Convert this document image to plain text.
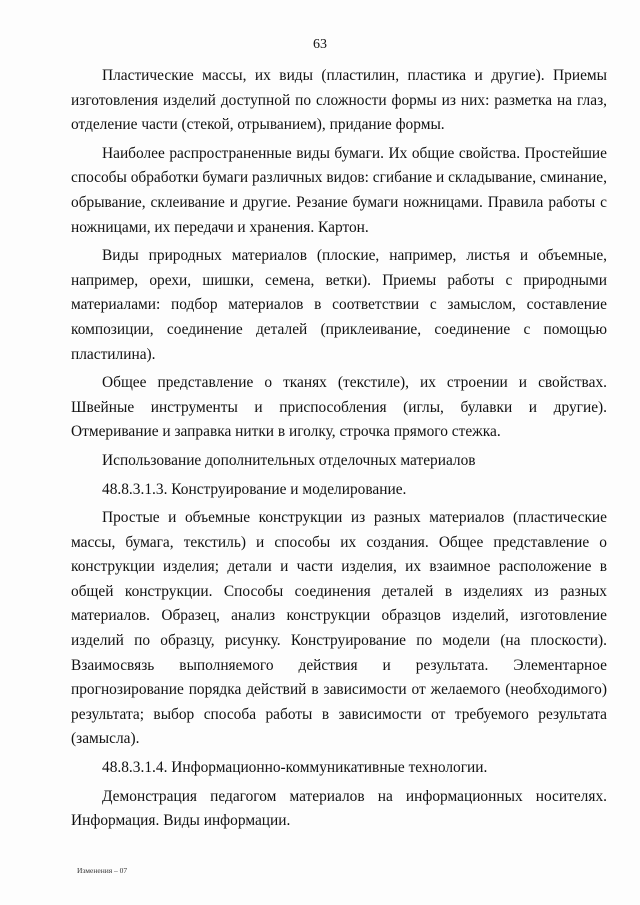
63

Пластические массы, их виды (пластилин, пластика и другие). Приемы изготовления изделий доступной по сложности формы из них: разметка на глаз, отделение части (стекой, отрыванием), придание формы.

Наиболее распространенные виды бумаги. Их общие свойства. Простейшие способы обработки бумаги различных видов: сгибание и складывание, сминание, обрывание, склеивание и другие. Резание бумаги ножницами. Правила работы с ножницами, их передачи и хранения. Картон.

Виды природных материалов (плоские, например, листья и объемные, например, орехи, шишки, семена, ветки). Приемы работы с природными материалами: подбор материалов в соответствии с замыслом, составление композиции, соединение деталей (приклеивание, соединение с помощью пластилина).

Общее представление о тканях (текстиле), их строении и свойствах. Швейные инструменты и приспособления (иглы, булавки и другие). Отмеривание и заправка нитки в иголку, строчка прямого стежка.

Использование дополнительных отделочных материалов

48.8.3.1.3. Конструирование и моделирование.

Простые и объемные конструкции из разных материалов (пластические массы, бумага, текстиль) и способы их создания. Общее представление о конструкции изделия; детали и части изделия, их взаимное расположение в общей конструкции. Способы соединения деталей в изделиях из разных материалов. Образец, анализ конструкции образцов изделий, изготовление изделий по образцу, рисунку. Конструирование по модели (на плоскости). Взаимосвязь выполняемого действия и результата. Элементарное прогнозирование порядка действий в зависимости от желаемого (необходимого) результата; выбор способа работы в зависимости от требуемого результата (замысла).

48.8.3.1.4. Информационно-коммуникативные технологии.

Демонстрация педагогом материалов на информационных носителях. Информация. Виды информации.

Изменения – 07
